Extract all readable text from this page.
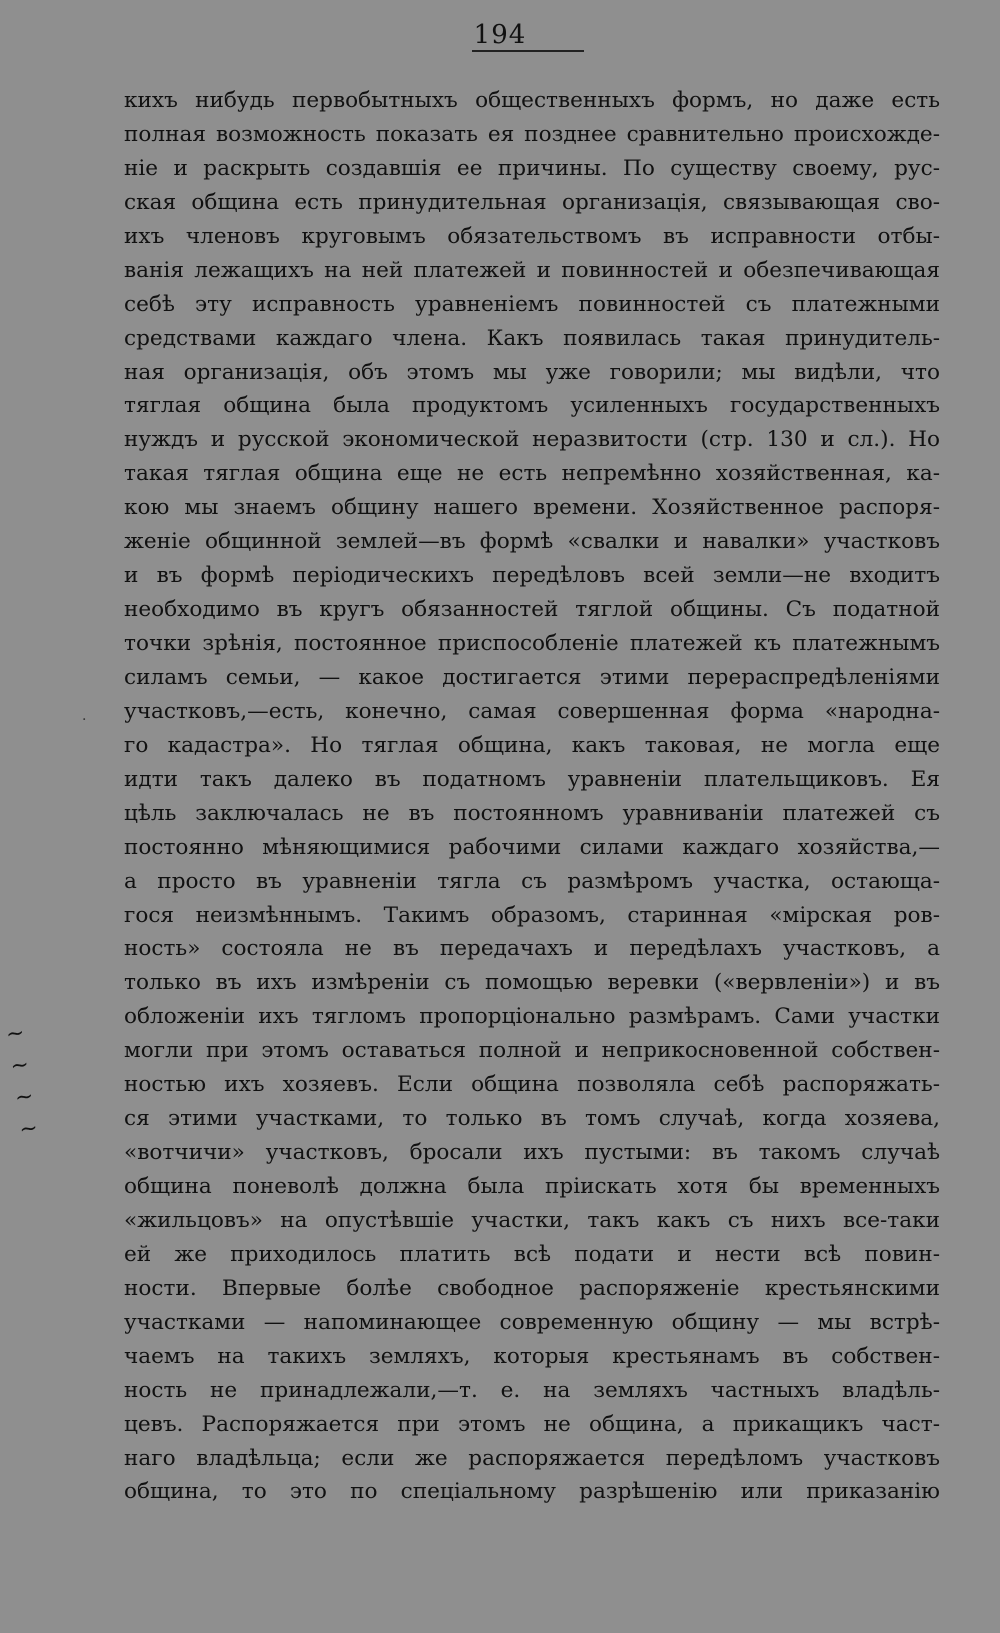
194
кихъ нибудь первобытныхъ общественныхъ формъ, но даже есть
полная возможность показать ея позднее сравнительно происхожде-
нiе и раскрыть создавшiя ее причины. По существу своему, рус-
ская община есть принудительная организацiя, связывающая сво-
ихъ членовъ круговымъ обязательствомъ въ исправности отбы-
ванiя лежащихъ на ней платежей и повинностей и обезпечивающая
себѣ эту исправность уравненiемъ повинностей съ платежными
средствами каждаго члена. Какъ появилась такая принудитель-
ная организацiя, объ этомъ мы уже говорили; мы видѣли, что
тяглая община была продуктомъ усиленныхъ государственныхъ
нуждъ и русской экономической неразвитости (стр. 130 и сл.). Но
такая тяглая община еще не есть непремѣнно хозяйственная, ка-
кою мы знаемъ общину нашего времени. Хозяйственное распоря-
женiе общинной землей—въ формѣ «свалки и навалки» участковъ
и въ формѣ перiодическихъ передѣловъ всей земли—не входитъ
необходимо въ кругъ обязанностей тяглой общины. Съ податной
точки зрѣнiя, постоянное приспособленiе платежей къ платежнымъ
силамъ семьи, — какое достигается этими перераспредѣленiями
участковъ,—есть, конечно, самая совершенная форма «народна-
го кадастра». Но тяглая община, какъ таковая, не могла еще
идти такъ далеко въ податномъ уравненiи плательщиковъ. Ея
цѣль заключалась не въ постоянномъ уравниванiи платежей съ
постоянно мѣняющимися рабочими силами каждаго хозяйства,—
а просто въ уравненiи тягла съ размѣромъ участка, остающа-
гося неизмѣннымъ. Такимъ образомъ, старинная «мiрская ров-
ность» состояла не въ передачахъ и передѣлахъ участковъ, а
только въ ихъ измѣренiи съ помощью веревки («вервленiи») и въ
обложенiи ихъ тягломъ пропорцiонально размѣрамъ. Сами участки
могли при этомъ оставаться полной и неприкосновенной собствен-
ностью ихъ хозяевъ. Если община позволяла себѣ распоряжать-
ся этими участками, то только въ томъ случаѣ, когда хозяева,
«вотчичи» участковъ, бросали ихъ пустыми: въ такомъ случаѣ
община поневолѣ должна была прiискать хотя бы временныхъ
«жильцовъ» на опустѣвшiе участки, такъ какъ съ нихъ все-таки
ей же приходилось платить всѣ подати и нести всѣ повин-
ности. Впервые болѣе свободное распоряженiе крестьянскими
участками — напоминающее современную общину — мы встрѣ-
чаемъ на такихъ земляхъ, которыя крестьянамъ въ собствен-
ность не принадлежали,—т. е. на земляхъ частныхъ владѣль-
цевъ. Распоряжается при этомъ не община, а прикащикъ част-
наго владѣльца; если же распоряжается передѣломъ участковъ
община, то это по спецiальному разрѣшенiю или приказанiю
~
~
~
~
·
